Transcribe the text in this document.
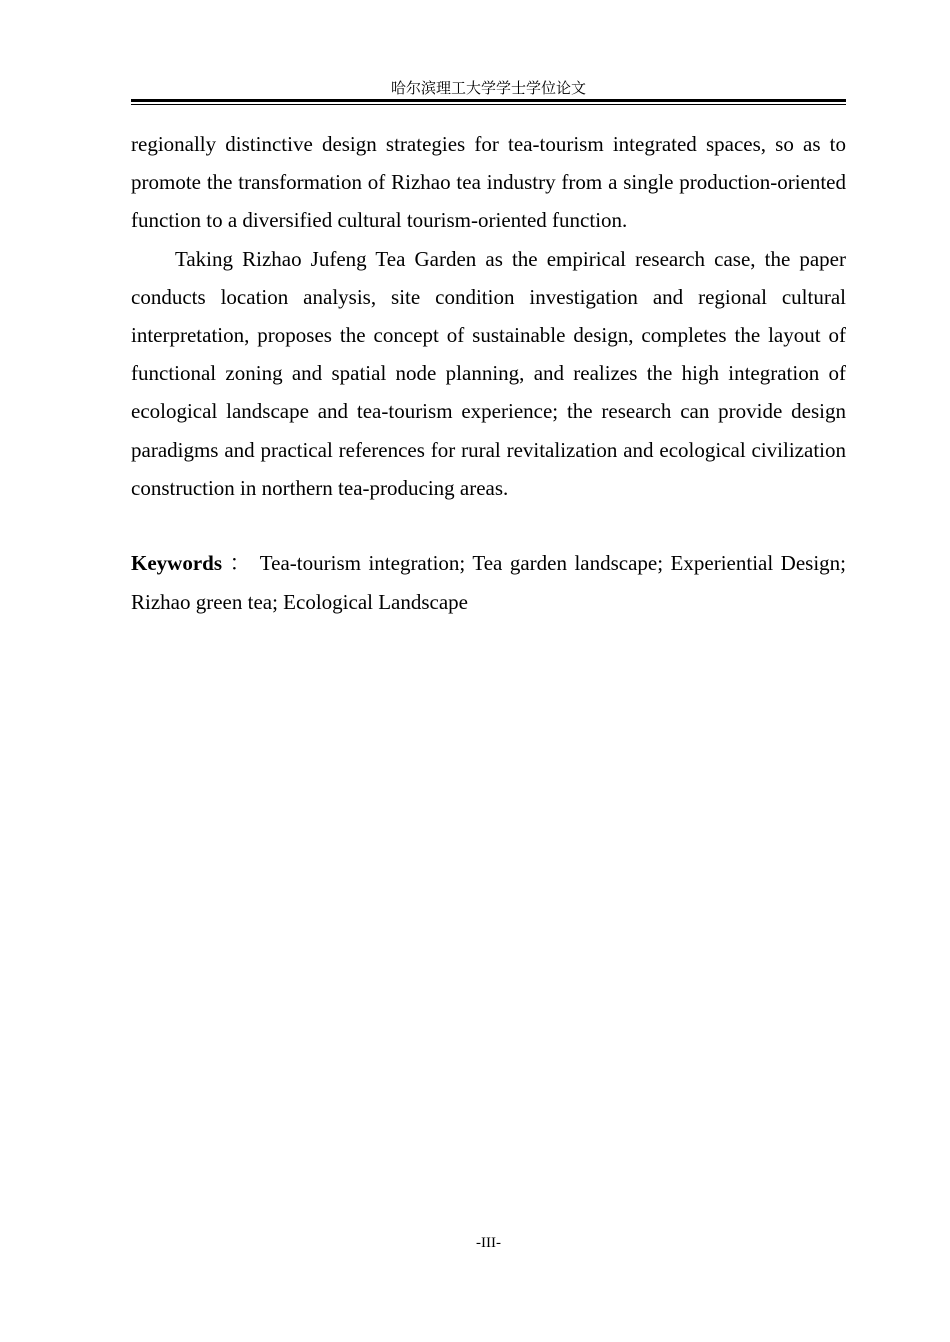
哈尔滨理工大学学士学位论文

regionally distinctive design strategies for tea-tourism integrated spaces, so as to promote the transformation of Rizhao tea industry from a single production-oriented function to a diversified cultural tourism-oriented function.

Taking Rizhao Jufeng Tea Garden as the empirical research case, the paper conducts location analysis, site condition investigation and regional cultural interpretation, proposes the concept of sustainable design, completes the layout of functional zoning and spatial node planning, and realizes the high integration of ecological landscape and tea-tourism experience; the research can provide design paradigms and practical references for rural revitalization and ecological civilization construction in northern tea-producing areas.

Keywords ： Tea-tourism integration; Tea garden landscape; Experiential Design; Rizhao green tea; Ecological Landscape

-III-
